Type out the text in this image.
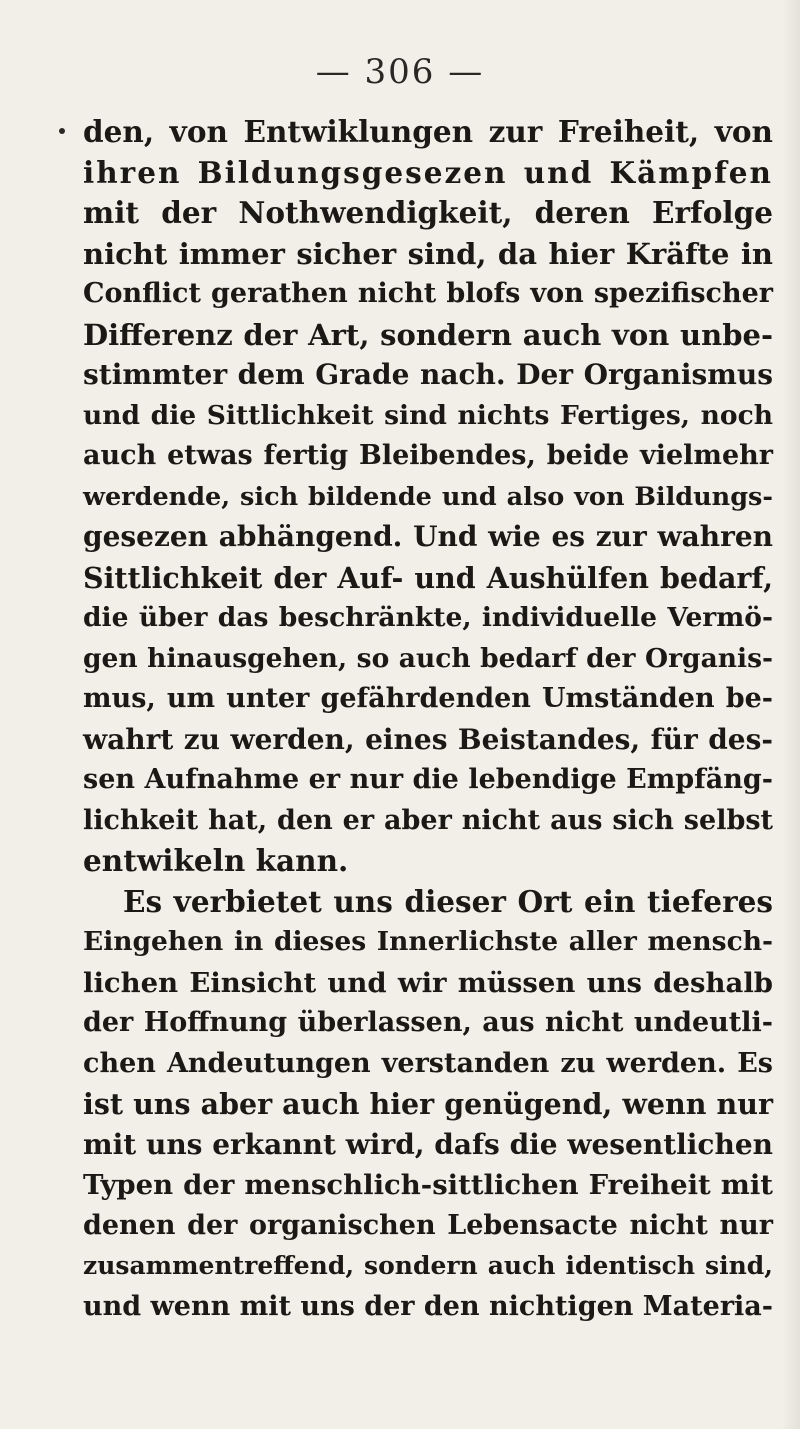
— 306 —
den, von Entwiklungen zur Freiheit, von
ihren Bildungsgesezen und Kämpfen
mit der Nothwendigkeit, deren Erfolge
nicht immer sicher sind, da hier Kräfte in
Conflict gerathen nicht blofs von spezifischer
Differenz der Art, sondern auch von unbe-
stimmter dem Grade nach. Der Organismus
und die Sittlichkeit sind nichts Fertiges, noch
auch etwas fertig Bleibendes, beide vielmehr
werdende, sich bildende und also von Bildungs-
gesezen abhängend. Und wie es zur wahren
Sittlichkeit der Auf- und Aushülfen bedarf,
die über das beschränkte, individuelle Vermö-
gen hinausgehen, so auch bedarf der Organis-
mus, um unter gefährdenden Umständen be-
wahrt zu werden, eines Beistandes, für des-
sen Aufnahme er nur die lebendige Empfäng-
lichkeit hat, den er aber nicht aus sich selbst
entwikeln kann.
Es verbietet uns dieser Ort ein tieferes
Eingehen in dieses Innerlichste aller mensch-
lichen Einsicht und wir müssen uns deshalb
der Hoffnung überlassen, aus nicht undeutli-
chen Andeutungen verstanden zu werden. Es
ist uns aber auch hier genügend, wenn nur
mit uns erkannt wird, dafs die wesentlichen
Typen der menschlich-sittlichen Freiheit mit
denen der organischen Lebensacte nicht nur
zusammentreffend, sondern auch identisch sind,
und wenn mit uns der den nichtigen Materia-
